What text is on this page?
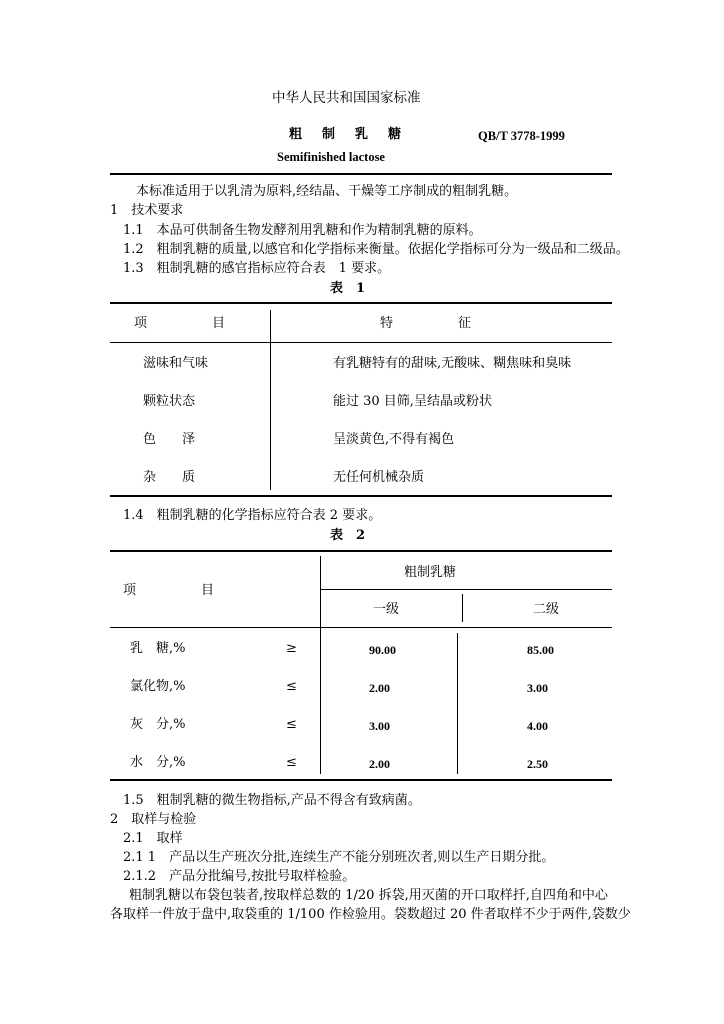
中华人民共和国国家标准
粗 制 乳 糖	QB/T 3778-1999
Semifinished lactose
本标准适用于以乳清为原料,经结晶、干燥等工序制成的粗制乳糖。
1　技术要求
1.1　本品可供制备生物发酵剂用乳糖和作为精制乳糖的原料。
1.2　粗制乳糖的质量,以感官和化学指标来衡量。依据化学指标可分为一级品和二级品。
1.3　粗制乳糖的感官指标应符合表　1 要求。
表　1
项　　　　　目	特　　　　　征
滋味和气味	有乳糖特有的甜味,无酸味、糊焦味和臭味
颗粒状态	能过 30 目筛,呈结晶或粉状
色　　泽	呈淡黄色,不得有褐色
杂　　质	无任何机械杂质
1.4　粗制乳糖的化学指标应符合表 2 要求。
表　2
项　　　　　目
粗制乳糖
一级	二级
乳　糖,%	≥	90.00	85.00
氯化物,%	≤	2.00	3.00
灰　分,%	≤	3.00	4.00
水　分,%	≤	2.00	2.50
1.5　粗制乳糖的微生物指标,产品不得含有致病菌。
2　取样与检验
2.1　取样
2.1 1　产品以生产班次分批,连续生产不能分别班次者,则以生产日期分批。
2.1.2　产品分批编号,按批号取样检验。
粗制乳糖以布袋包装者,按取样总数的 1/20 拆袋,用灭菌的开口取样扦,自四角和中心
各取样一件放于盘中,取袋重的 1/100 作检验用。袋数超过 20 件者取样不少于两件,袋数少
